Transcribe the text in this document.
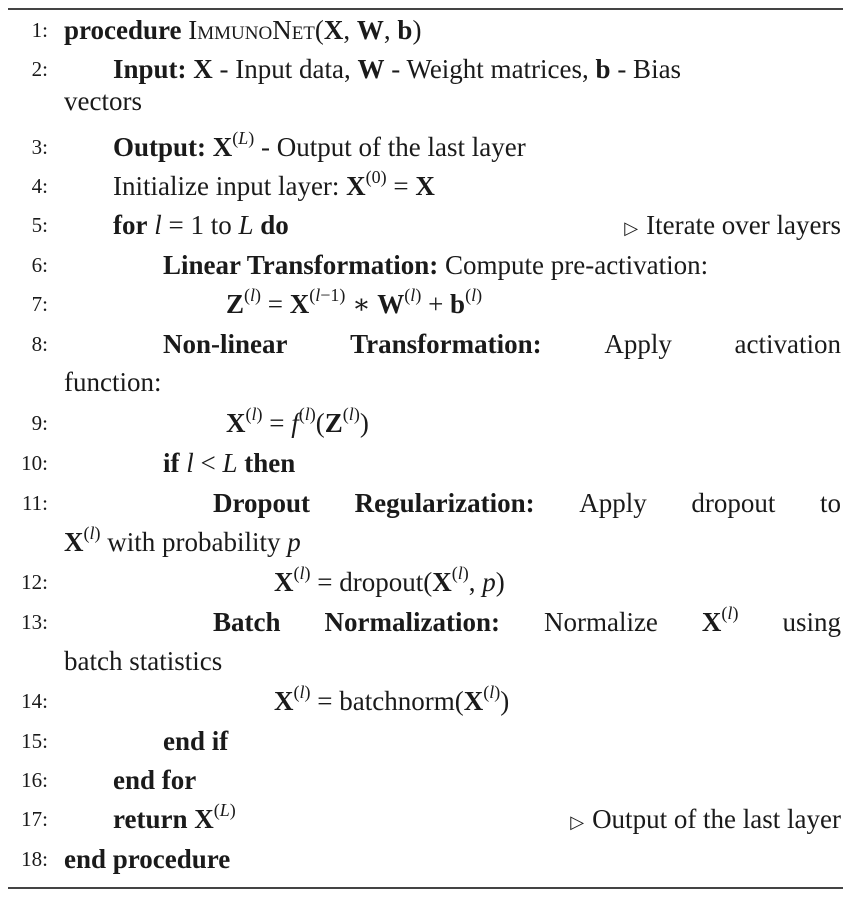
1: procedure ImmunoNet(X, W, b)
2: Input: X - Input data, W - Weight matrices, b - Bias
vectors
3: Output: $X^{(L)}$ - Output of the last layer
4: Initialize input layer: $X^{(0)} = X$
5: for l = 1 to L do	▷ Iterate over layers
6:	Linear Transformation: Compute pre-activation:
7:	$Z^{(l)} = X^{(l-1)}$ ∗ $W^{(l)} + b^{(l)}$
8:	Non-linear Transformation: Apply activation
function:
9:	$X^{(l)} = f^{(l)}(Z^{(l)})$
10:	if l < L then
11:	Dropout Regularization: Apply dropout to
$X^{(l)}$ with probability p
12:	$X^{(l)}$ = $dropout(X^{(l)}$, p)
13:	Batch Normalization: Normalize $X^{(l)}$ using
batch statistics
14:	$X^{(l)}$ = $batchnorm(X^{(l)})$
15:	end if
16: end for
17: return $X^{(L)}$
▷ Output of the last layer
18: end procedure
